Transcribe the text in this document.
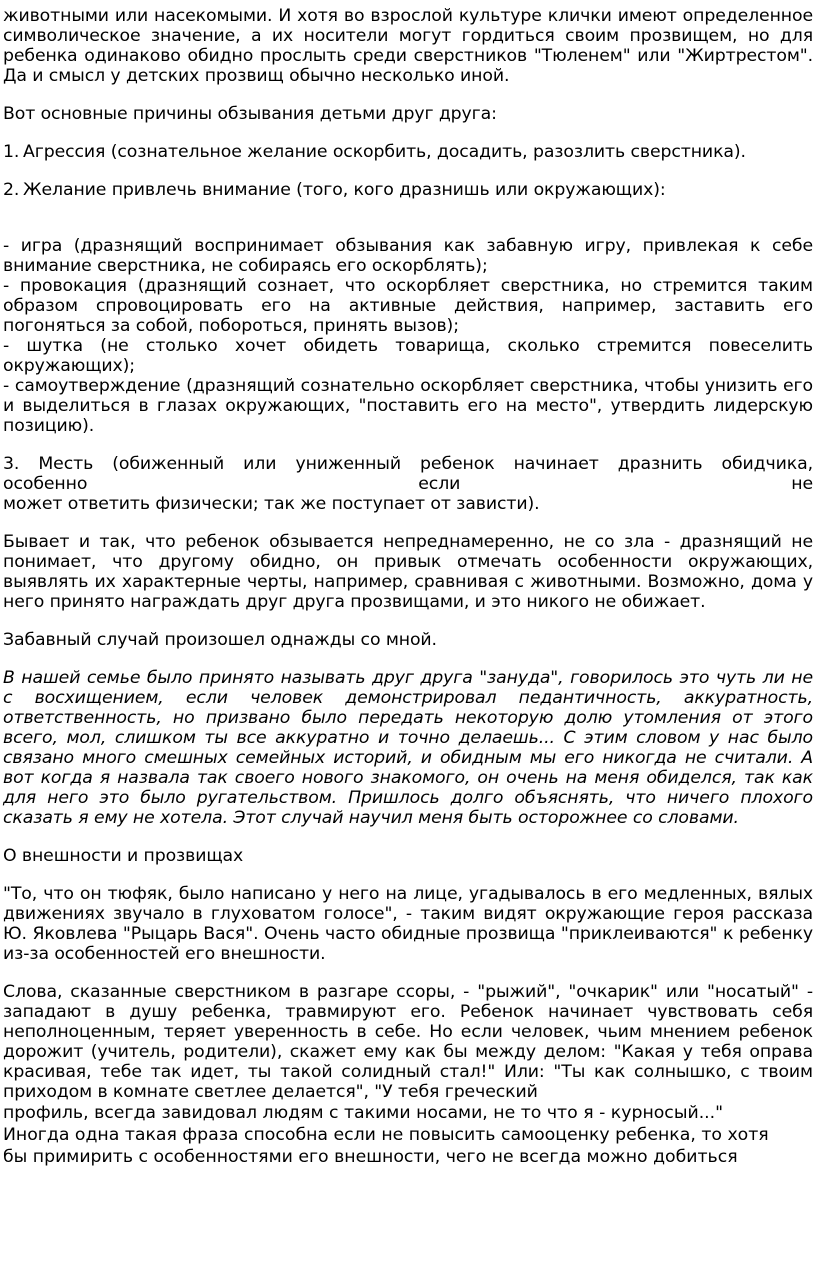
животными или насекомыми. И хотя во взрослой культуре клички имеют определенное символическое значение, а их носители могут гордиться своим прозвищем, но для ребенка одинаково обидно прослыть среди сверстников "Тюленем" или "Жиртрестом". Да и смысл у детских прозвищ обычно несколько иной.

Вот основные причины обзывания детьми друг друга:

1. Агрессия (сознательное желание оскорбить, досадить, разозлить сверстника).

2. Желание привлечь внимание (того, кого дразнишь или окружающих):

- игра (дразнящий воспринимает обзывания как забавную игру, привлекая к себе внимание сверстника, не собираясь его оскорблять);

- провокация (дразнящий сознает, что оскорбляет сверстника, но стремится таким образом спровоцировать его на активные действия, например, заставить его погоняться за собой, побороться, принять вызов);

- шутка (не столько хочет обидеть товарища, сколько стремится повеселить окружающих);

- самоутверждение (дразнящий сознательно оскорбляет сверстника, чтобы унизить его и выделиться в глазах окружающих, "поставить его на место", утвердить лидерскую позицию).

3. Месть (обиженный или униженный ребенок начинает дразнить обидчика,
особенно если не
может ответить физически; так же поступает от зависти).

Бывает и так, что ребенок обзывается непреднамеренно, не со зла - дразнящий не понимает, что другому обидно, он привык отмечать особенности окружающих, выявлять их характерные черты, например, сравнивая с животными. Возможно, дома у него принято награждать друг друга прозвищами, и это никого не обижает.

Забавный случай произошел однажды со мной.

В нашей семье было принято называть друг друга "зануда", говорилось это чуть ли не с восхищением, если человек демонстрировал педантичность, аккуратность, ответственность, но призвано было передать некоторую долю утомления от этого всего, мол, слишком ты все аккуратно и точно делаешь... С этим словом у нас было связано много смешных семейных историй, и обидным мы его никогда не считали. А вот когда я назвала так своего нового знакомого, он очень на меня обиделся, так как для него это было ругательством. Пришлось долго объяснять, что ничего плохого сказать я ему не хотела. Этот случай научил меня быть осторожнее со словами.

О внешности и прозвищах

"То, что он тюфяк, было написано у него на лице, угадывалось в его медленных, вялых движениях звучало в глуховатом голосе", - таким видят окружающие героя рассказа Ю. Яковлева "Рыцарь Вася". Очень часто обидные прозвища "приклеиваются" к ребенку из-за особенностей его внешности.

Слова, сказанные сверстником в разгаре ссоры, - "рыжий", "очкарик" или "носатый" - западают в душу ребенка, травмируют его. Ребенок начинает чувствовать себя неполноценным, теряет уверенность в себе. Но если человек, чьим мнением ребенок дорожит (учитель, родители), скажет ему как бы между делом: "Какая у тебя оправа красивая, тебе так идет, ты такой солидный стал!" Или: "Ты как солнышко, с твоим приходом в комнате светлее делается", "У тебя греческий

профиль, всегда завидовал людям с такими носами, не то что я - курносый..."

Иногда одна такая фраза способна если не повысить самооценку ребенка, то хотя

бы примирить с особенностями его внешности, чего не всегда можно добиться
